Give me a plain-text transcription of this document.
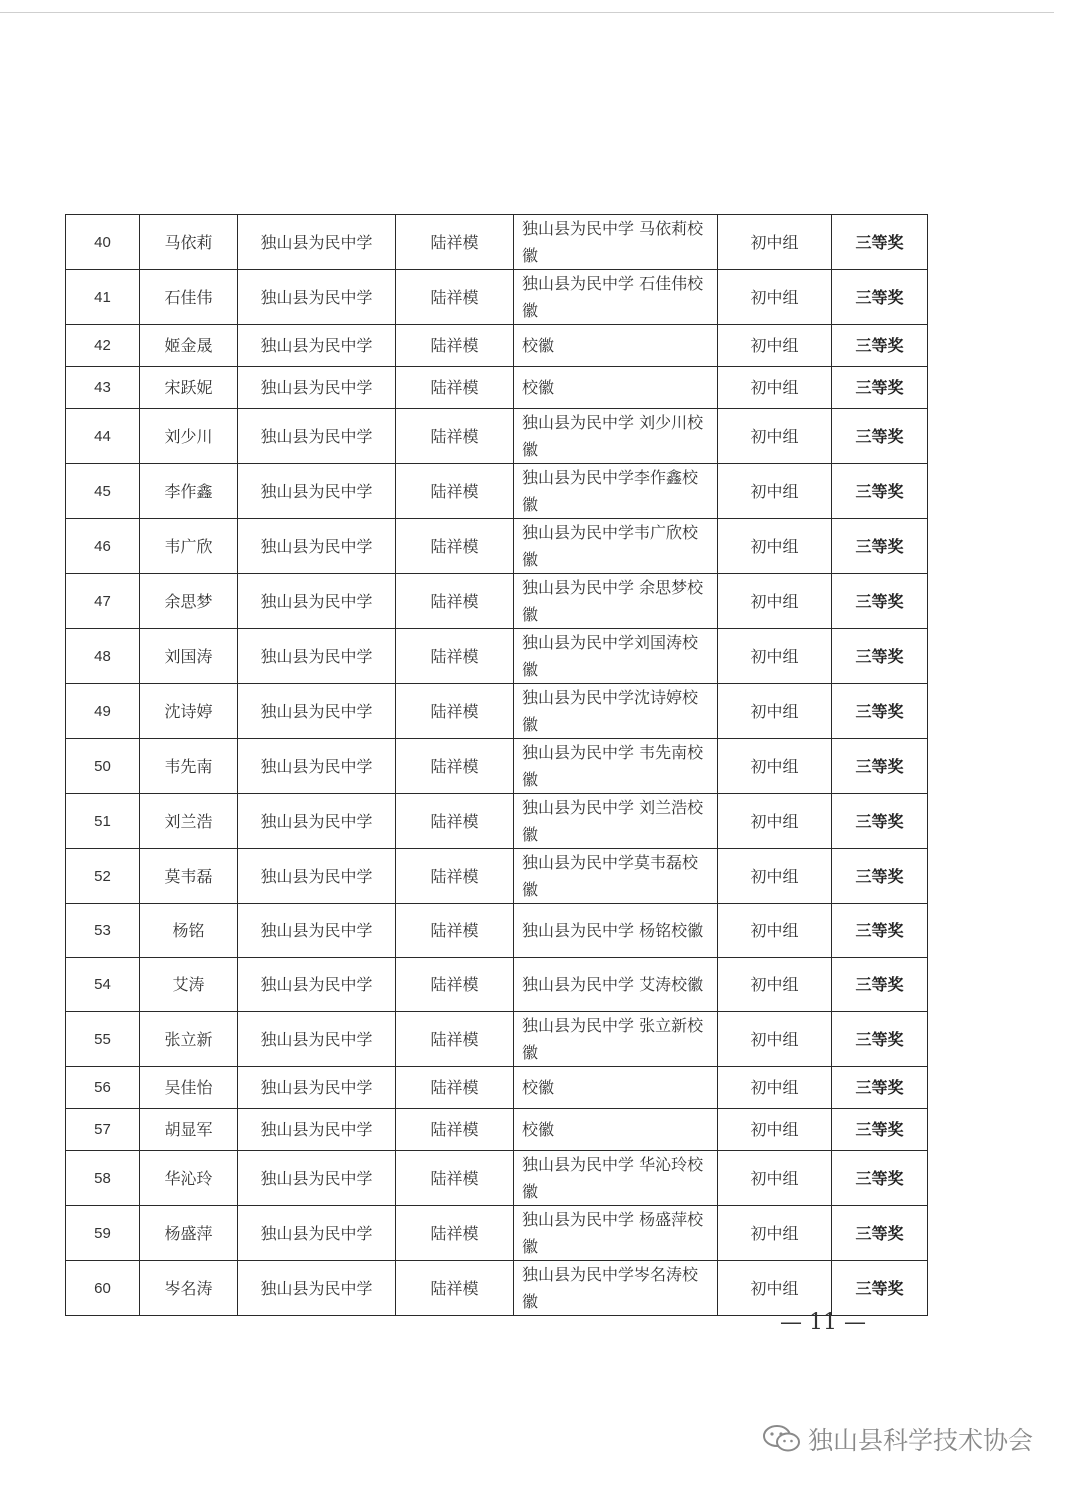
40	马依莉	独山县为民中学	陆祥模	独山县为民中学 马依莉校徽	初中组	三等奖
41	石佳伟	独山县为民中学	陆祥模	独山县为民中学 石佳伟校徽	初中组	三等奖
42	姬金晟	独山县为民中学	陆祥模	校徽	初中组	三等奖
43	宋跃妮	独山县为民中学	陆祥模	校徽	初中组	三等奖
44	刘少川	独山县为民中学	陆祥模	独山县为民中学 刘少川校徽	初中组	三等奖
45	李作鑫	独山县为民中学	陆祥模	独山县为民中学李作鑫校徽	初中组	三等奖
46	韦广欣	独山县为民中学	陆祥模	独山县为民中学韦广欣校徽	初中组	三等奖
47	余思梦	独山县为民中学	陆祥模	独山县为民中学 余思梦校徽	初中组	三等奖
48	刘国涛	独山县为民中学	陆祥模	独山县为民中学刘国涛校徽	初中组	三等奖
49	沈诗婷	独山县为民中学	陆祥模	独山县为民中学沈诗婷校徽	初中组	三等奖
50	韦先南	独山县为民中学	陆祥模	独山县为民中学 韦先南校徽	初中组	三等奖
51	刘兰浩	独山县为民中学	陆祥模	独山县为民中学 刘兰浩校徽	初中组	三等奖
52	莫韦磊	独山县为民中学	陆祥模	独山县为民中学莫韦磊校徽	初中组	三等奖
53	杨铭	独山县为民中学	陆祥模	独山县为民中学 杨铭校徽	初中组	三等奖
54	艾涛	独山县为民中学	陆祥模	独山县为民中学 艾涛校徽	初中组	三等奖
55	张立新	独山县为民中学	陆祥模	独山县为民中学 张立新校徽	初中组	三等奖
56	吴佳怡	独山县为民中学	陆祥模	校徽	初中组	三等奖
57	胡显军	独山县为民中学	陆祥模	校徽	初中组	三等奖
58	华沁玲	独山县为民中学	陆祥模	独山县为民中学 华沁玲校徽	初中组	三等奖
59	杨盛萍	独山县为民中学	陆祥模	独山县为民中学 杨盛萍校徽	初中组	三等奖
60	岑名涛	独山县为民中学	陆祥模	独山县为民中学岑名涛校徽	初中组	三等奖
— 11 —
独山县科学技术协会
